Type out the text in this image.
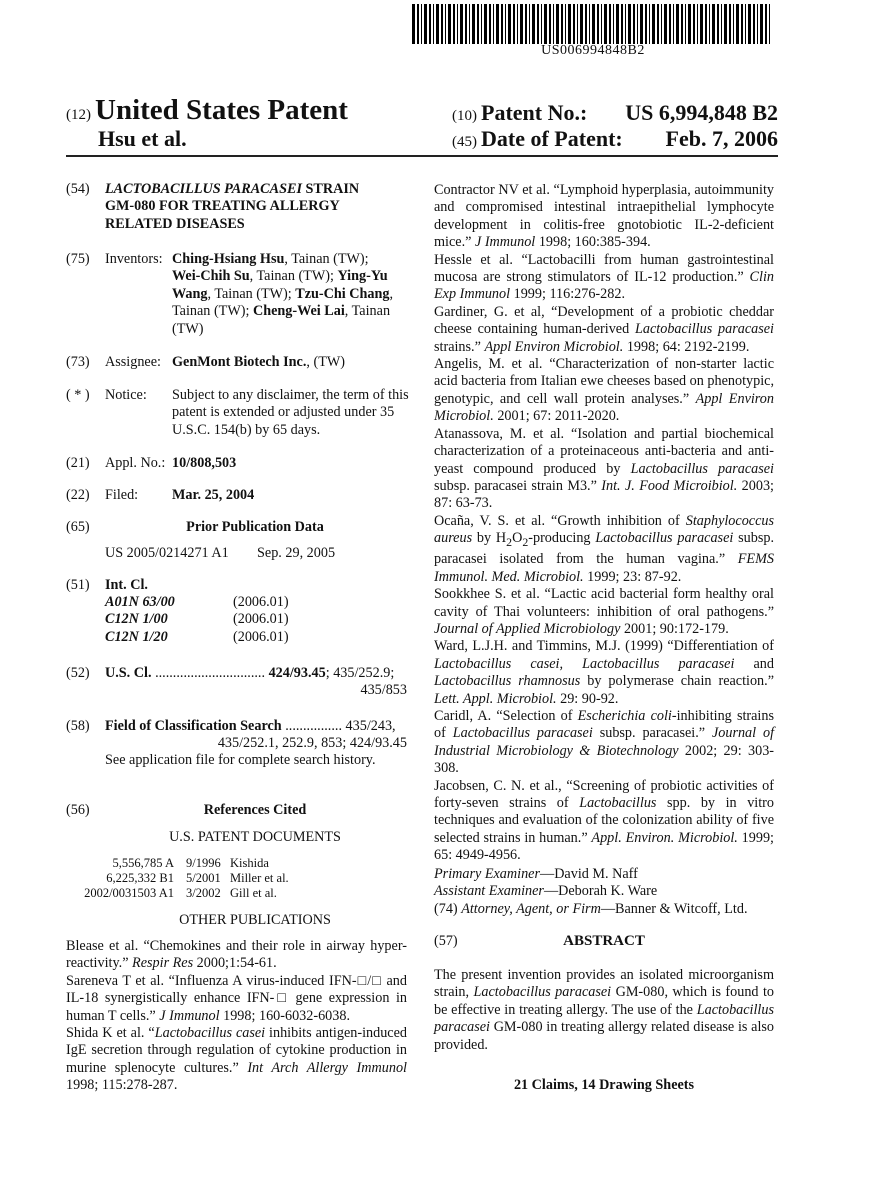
US006994848B2
(12) United States Patent
Hsu et al.
(10) Patent No.: US 6,994,848 B2
(45) Date of Patent: Feb. 7, 2006
(54) LACTOBACILLUS PARACASEI STRAIN
GM-080 FOR TREATING ALLERGY
RELATED DISEASES
(75) Inventors: Ching-Hsiang Hsu, Tainan (TW);
Wei-Chih Su, Tainan (TW); Ying-Yu
Wang, Tainan (TW); Tzu-Chi Chang,
Tainan (TW); Cheng-Wei Lai, Tainan
(TW)
(73) Assignee: GenMont Biotech Inc., (TW)
( * ) Notice: Subject to any disclaimer, the term of this
patent is extended or adjusted under 35
U.S.C. 154(b) by 65 days.
(21) Appl. No.: 10/808,503
(22) Filed: Mar. 25, 2004
(65)	Prior Publication Data
US 2005/0214271 A1 Sep. 29, 2005
(51) Int. Cl.
A01N 63/00	(2006.01)
C12N 1/00	(2006.01)
C12N 1/20	(2006.01)
(52) U.S. Cl. ............................... 424/93.45; 435/252.9;
435/853
(58) Field of Classification Search ................ 435/243,
435/252.1, 252.9, 853; 424/93.45
See application file for complete search history.
(56)	References Cited
U.S. PATENT DOCUMENTS
5,556,785 A	9/1996	Kishida
6,225,332 B1	5/2001	Miller et al.
2002/0031503 A1	3/2002	Gill et al.
OTHER PUBLICATIONS

Blease et al. “Chemokines and their role in airway hyper-reactivity.” Respir Res 2000;1:54-61.

Sareneva T et al. “Influenza A virus-induced IFN-□/□ and IL-18 synergistically enhance IFN-□ gene expression in human T cells.” J Immunol 1998; 160-6032-6038.

Shida K et al. “Lactobacillus casei inhibits antigen-induced IgE secretion through regulation of cytokine production in murine splenocyte cultures.” Int Arch Allergy Immunol 1998; 115:278-287.

Contractor NV et al. “Lymphoid hyperplasia, autoimmunity and compromised intestinal intraepithelial lymphocyte development in colitis-free gnotobiotic IL-2-deficient mice.” J Immunol 1998; 160:385-394.

Hessle et al. “Lactobacilli from human gastrointestinal mucosa are strong stimulators of IL-12 production.” Clin Exp Immunol 1999; 116:276-282.

Gardiner, G. et al, “Development of a probiotic cheddar cheese containing human-derived Lactobacillus paracasei strains.” Appl Environ Microbiol. 1998; 64: 2192-2199.

Angelis, M. et al. “Characterization of non-starter lactic acid bacteria from Italian ewe cheeses based on phenotypic, genotypic, and cell wall protein analyses.” Appl Environ Microbiol. 2001; 67: 2011-2020.

Atanassova, M. et al. “Isolation and partial biochemical characterization of a proteinaceous anti-bacteria and anti-yeast compound produced by Lactobacillus paracasei subsp. paracasei strain M3.” Int. J. Food Microibiol. 2003; 87: 63-73.

Ocaña, V. S. et al. “Growth inhibition of Staphylococcus aureus by $H_2O_2$-producing Lactobacillus paracasei subsp. paracasei isolated from the human vagina.” FEMS Immunol. Med. Microbiol. 1999; 23: 87-92.

Sookkhee S. et al. “Lactic acid bacterial form healthy oral cavity of Thai volunteers: inhibition of oral pathogens.” Journal of Applied Microbiology 2001; 90:172-179.

Ward, L.J.H. and Timmins, M.J. (1999) “Differentiation of Lactobacillus casei, Lactobacillus paracasei and Lactobacillus rhamnosus by polymerase chain reaction.” Lett. Appl. Microbiol. 29: 90-92.

Caridl, A. “Selection of Escherichia coli-inhibiting strains of Lactobacillus paracasei subsp. paracasei.” Journal of Industrial Microbiology & Biotechnology 2002; 29: 303-308.

Jacobsen, C. N. et al., “Screening of probiotic activities of forty-seven strains of Lactobacillus spp. by in vitro techniques and evaluation of the colonization ability of five selected strains in human.” Appl. Environ. Microbiol. 1999; 65: 4949-4956.

Primary Examiner—David M. Naff
Assistant Examiner—Deborah K. Ware
(74) Attorney, Agent, or Firm—Banner & Witcoff, Ltd.
(57)	ABSTRACT

The present invention provides an isolated microorganism strain, Lactobacillus paracasei GM-080, which is found to be effective in treating allergy. The use of the Lactobacillus paracasei GM-080 in treating allergy related disease is also provided.

21 Claims, 14 Drawing Sheets
